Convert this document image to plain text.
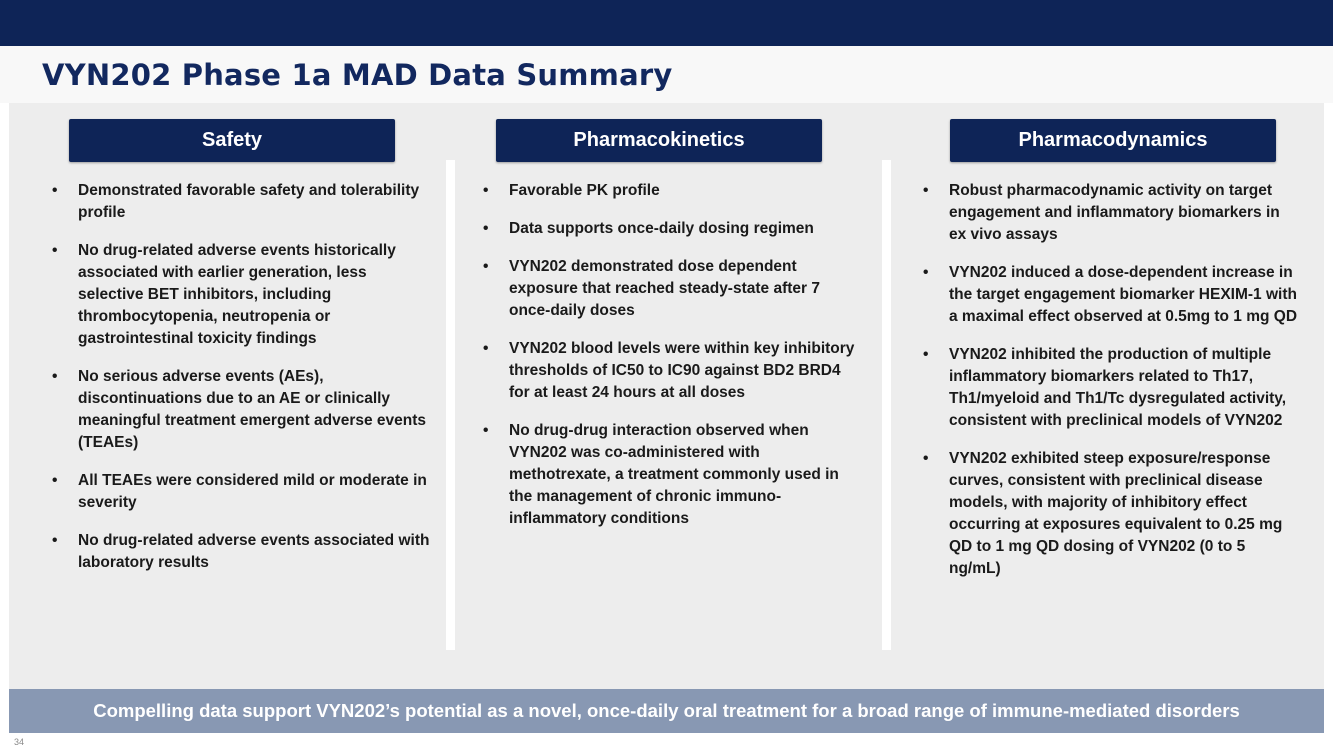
VYN202 Phase 1a MAD Data Summary
Safety
• Demonstrated favorable safety and tolerability profile
• No drug-related adverse events historically associated with earlier generation, less selective BET inhibitors, including thrombocytopenia, neutropenia or gastrointestinal toxicity findings
• No serious adverse events (AEs), discontinuations due to an AE or clinically meaningful treatment emergent adverse events (TEAEs)
• All TEAEs were considered mild or moderate in severity
• No drug-related adverse events associated with laboratory results
Pharmacokinetics
• Favorable PK profile
• Data supports once-daily dosing regimen
• VYN202 demonstrated dose dependent exposure that reached steady-state after 7 once-daily doses
• VYN202 blood levels were within key inhibitory thresholds of IC50 to IC90 against BD2 BRD4 for at least 24 hours at all doses
• No drug-drug interaction observed when VYN202 was co-administered with methotrexate, a treatment commonly used in the management of chronic immuno-inflammatory conditions
Pharmacodynamics
• Robust pharmacodynamic activity on target engagement and inflammatory biomarkers in ex vivo assays
• VYN202 induced a dose-dependent increase in the target engagement biomarker HEXIM-1 with a maximal effect observed at 0.5mg to 1 mg QD
• VYN202 inhibited the production of multiple inflammatory biomarkers related to Th17, Th1/myeloid and Th1/Tc dysregulated activity, consistent with preclinical models of VYN202
• VYN202 exhibited steep exposure/response curves, consistent with preclinical disease models, with majority of inhibitory effect occurring at exposures equivalent to 0.25 mg QD to 1 mg QD dosing of VYN202 (0 to 5 ng/mL)
Compelling data support VYN202’s potential as a novel, once-daily oral treatment for a broad range of immune-mediated disorders
34
